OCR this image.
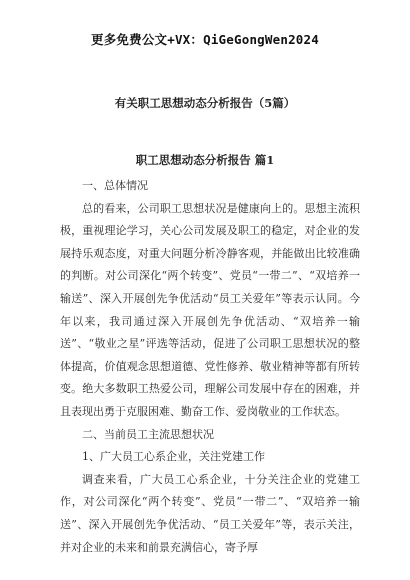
更多免费公文+VX：QiGeGongWen2024
有关职工思想动态分析报告（5篇）
职工思想动态分析报告 篇1

一、总体情况

总的看来，公司职工思想状况是健康向上的。思想主流积极，重视理论学习，关心公司发展及职工的稳定，对企业的发展持乐观态度，对重大问题分析冷静客观，并能做出比较准确的判断。对公司深化“两个转变”、党员“一带二”、“双培养一输送”、深入开展创先争优活动“员工关爱年”等表示认同。今年以来，我司通过深入开展创先争优活动、“双培养一输送”、“敬业之星”评选等活动，促进了公司职工思想状况的整体提高，价值观念思想道德、党性修养、敬业精神等都有所转变。绝大多数职工热爱公司，理解公司发展中存在的困难，并且表现出勇于克服困难、勤奋工作、爱岗敬业的工作状态。

二、当前员工主流思想状况

1、广大员工心系企业，关注党建工作

调查来看，广大员工心系企业，十分关注企业的党建工作，对公司深化“两个转变”、党员“一带二”、“双培养一输送”、深入开展创先争优活动、“员工关爱年”等，表示关注，并对企业的未来和前景充满信心，寄予厚
